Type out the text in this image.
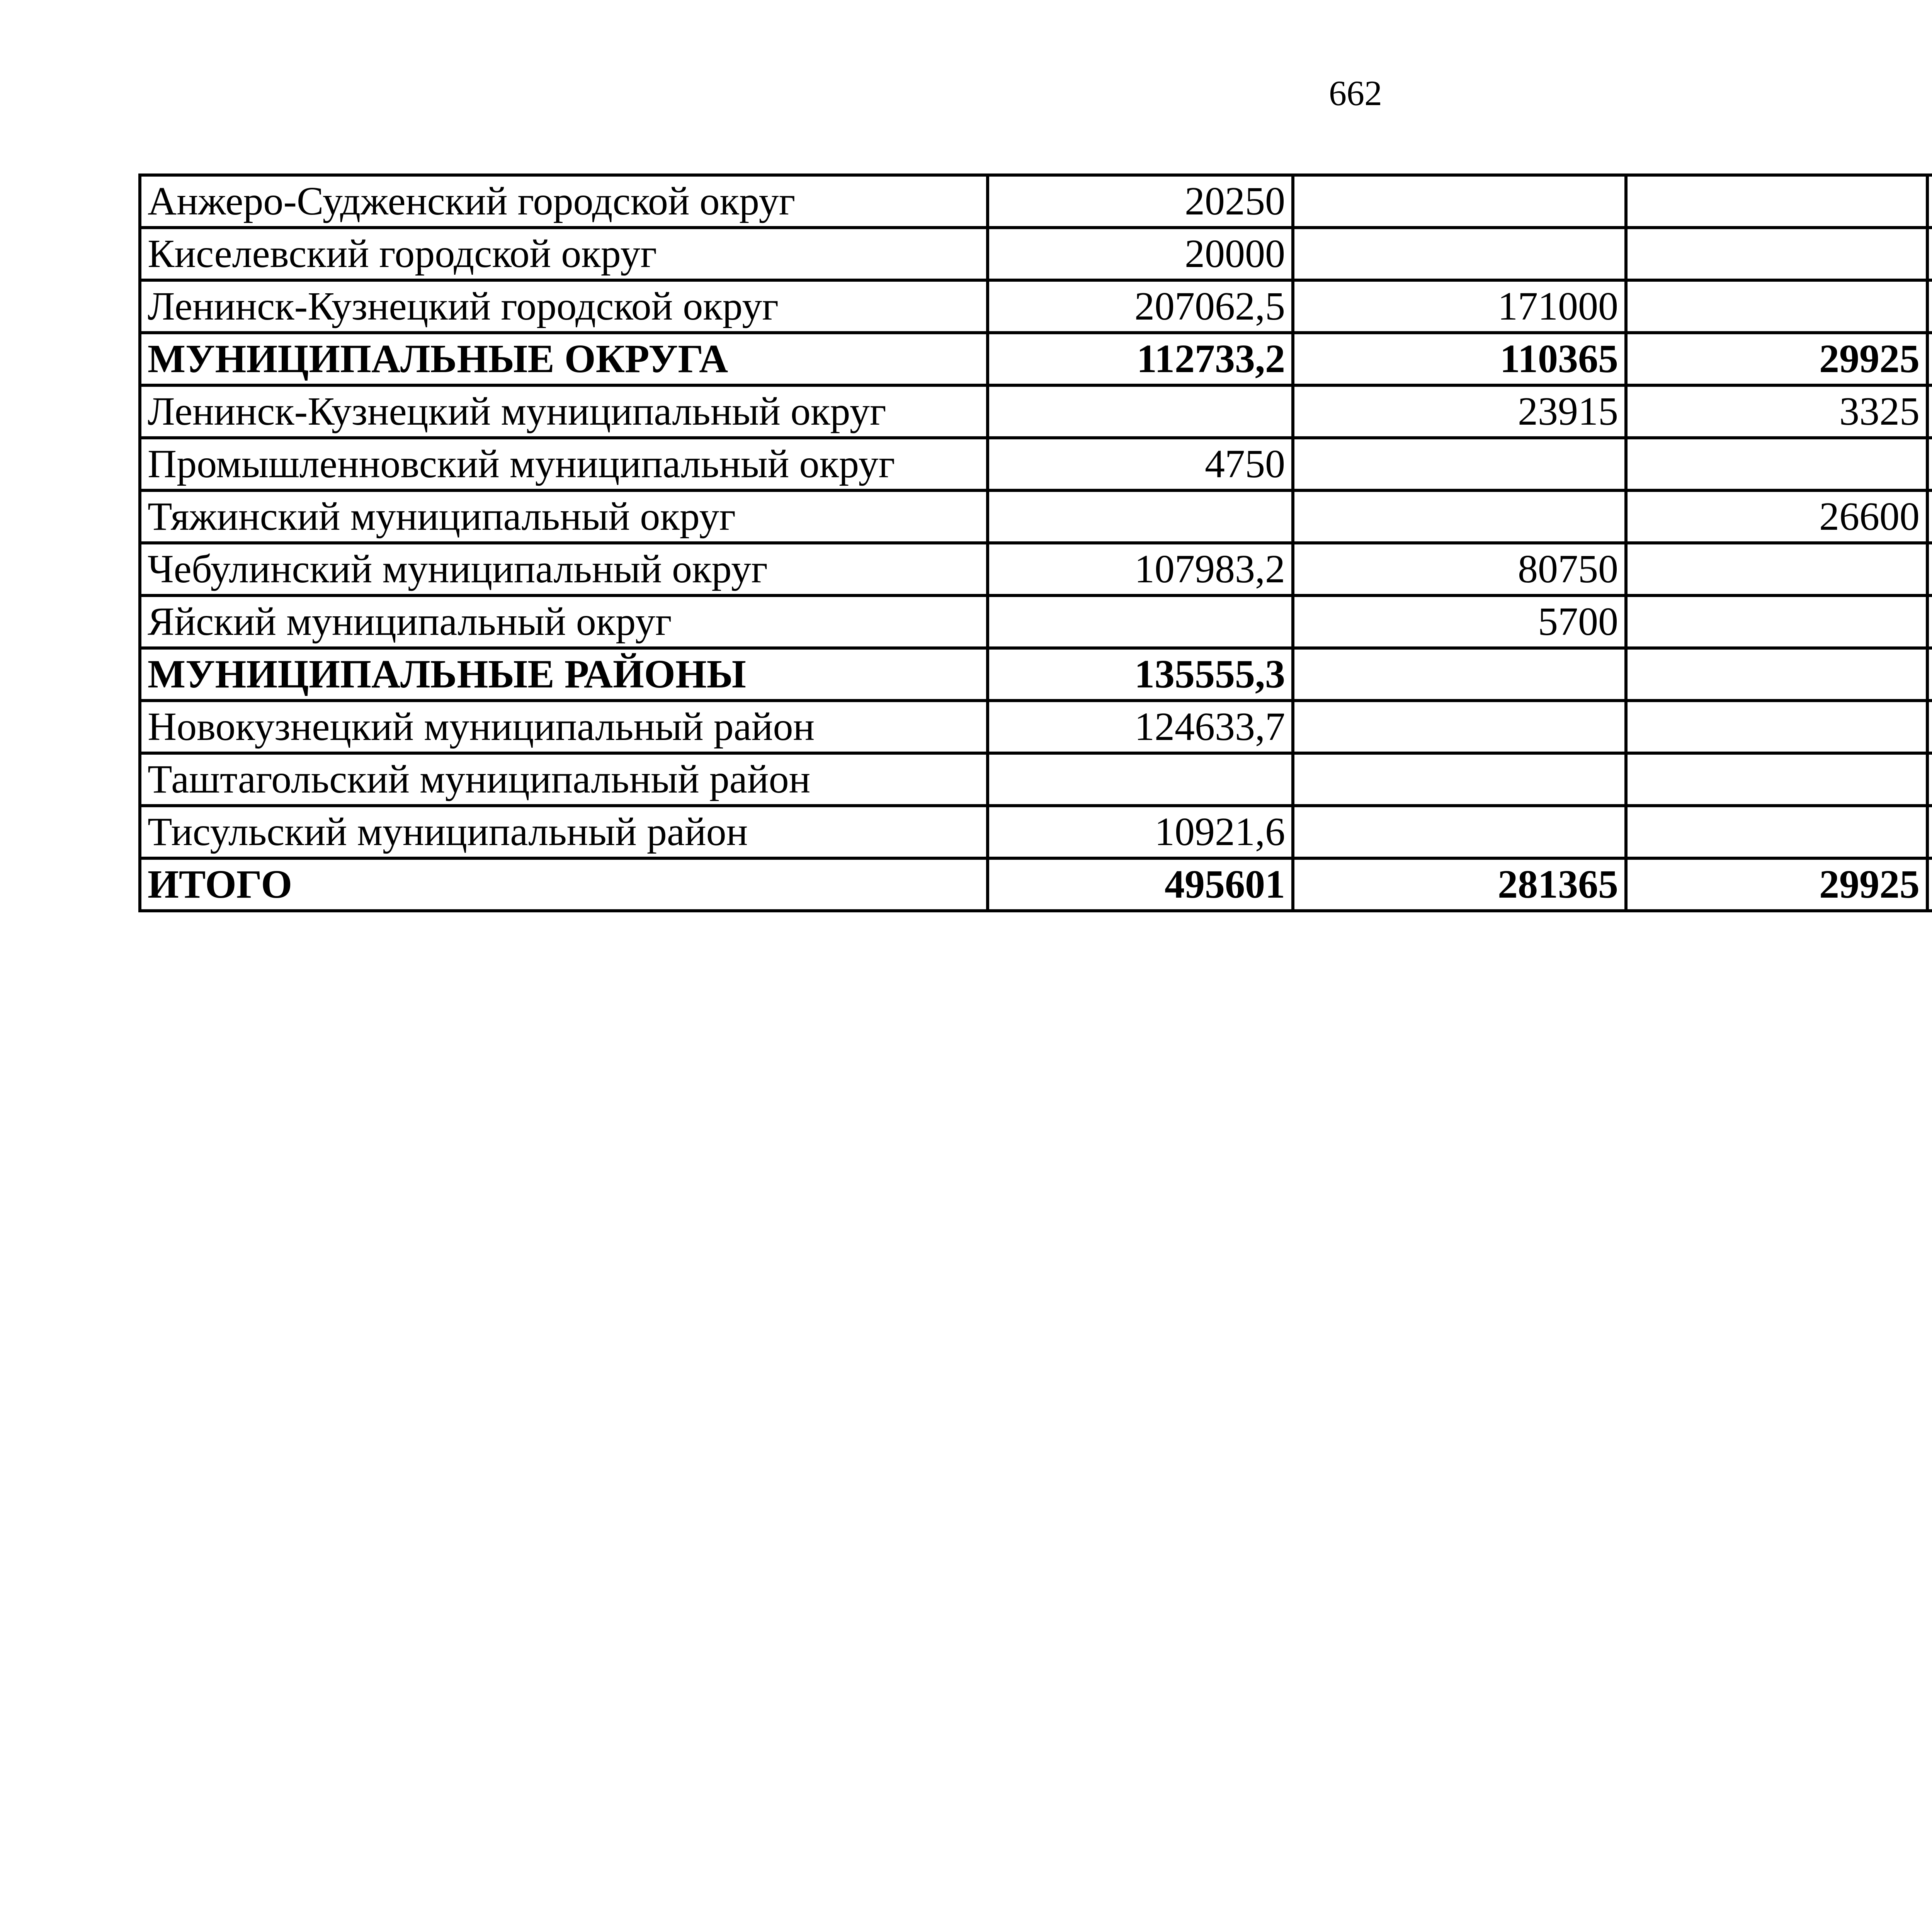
662
Анжеро-Судженский городской округ	20250			
Киселевский городской округ	20000			
Ленинск-Кузнецкий городской округ	207062,5	171000		
МУНИЦИПАЛЬНЫЕ ОКРУГА	112733,2	110365	29925	
Ленинск-Кузнецкий муниципальный округ		23915	3325	
Промышленновский муниципальный округ	4750			
Тяжинский муниципальный округ			26600	
Чебулинский муниципальный округ	107983,2	80750		
Яйский муниципальный округ		5700		
МУНИЦИПАЛЬНЫЕ РАЙОНЫ	135555,3			
Новокузнецкий муниципальный район	124633,7			
Таштагольский муниципальный район				
Тисульский муниципальный район	10921,6			
ИТОГО	495601	281365	29925	
